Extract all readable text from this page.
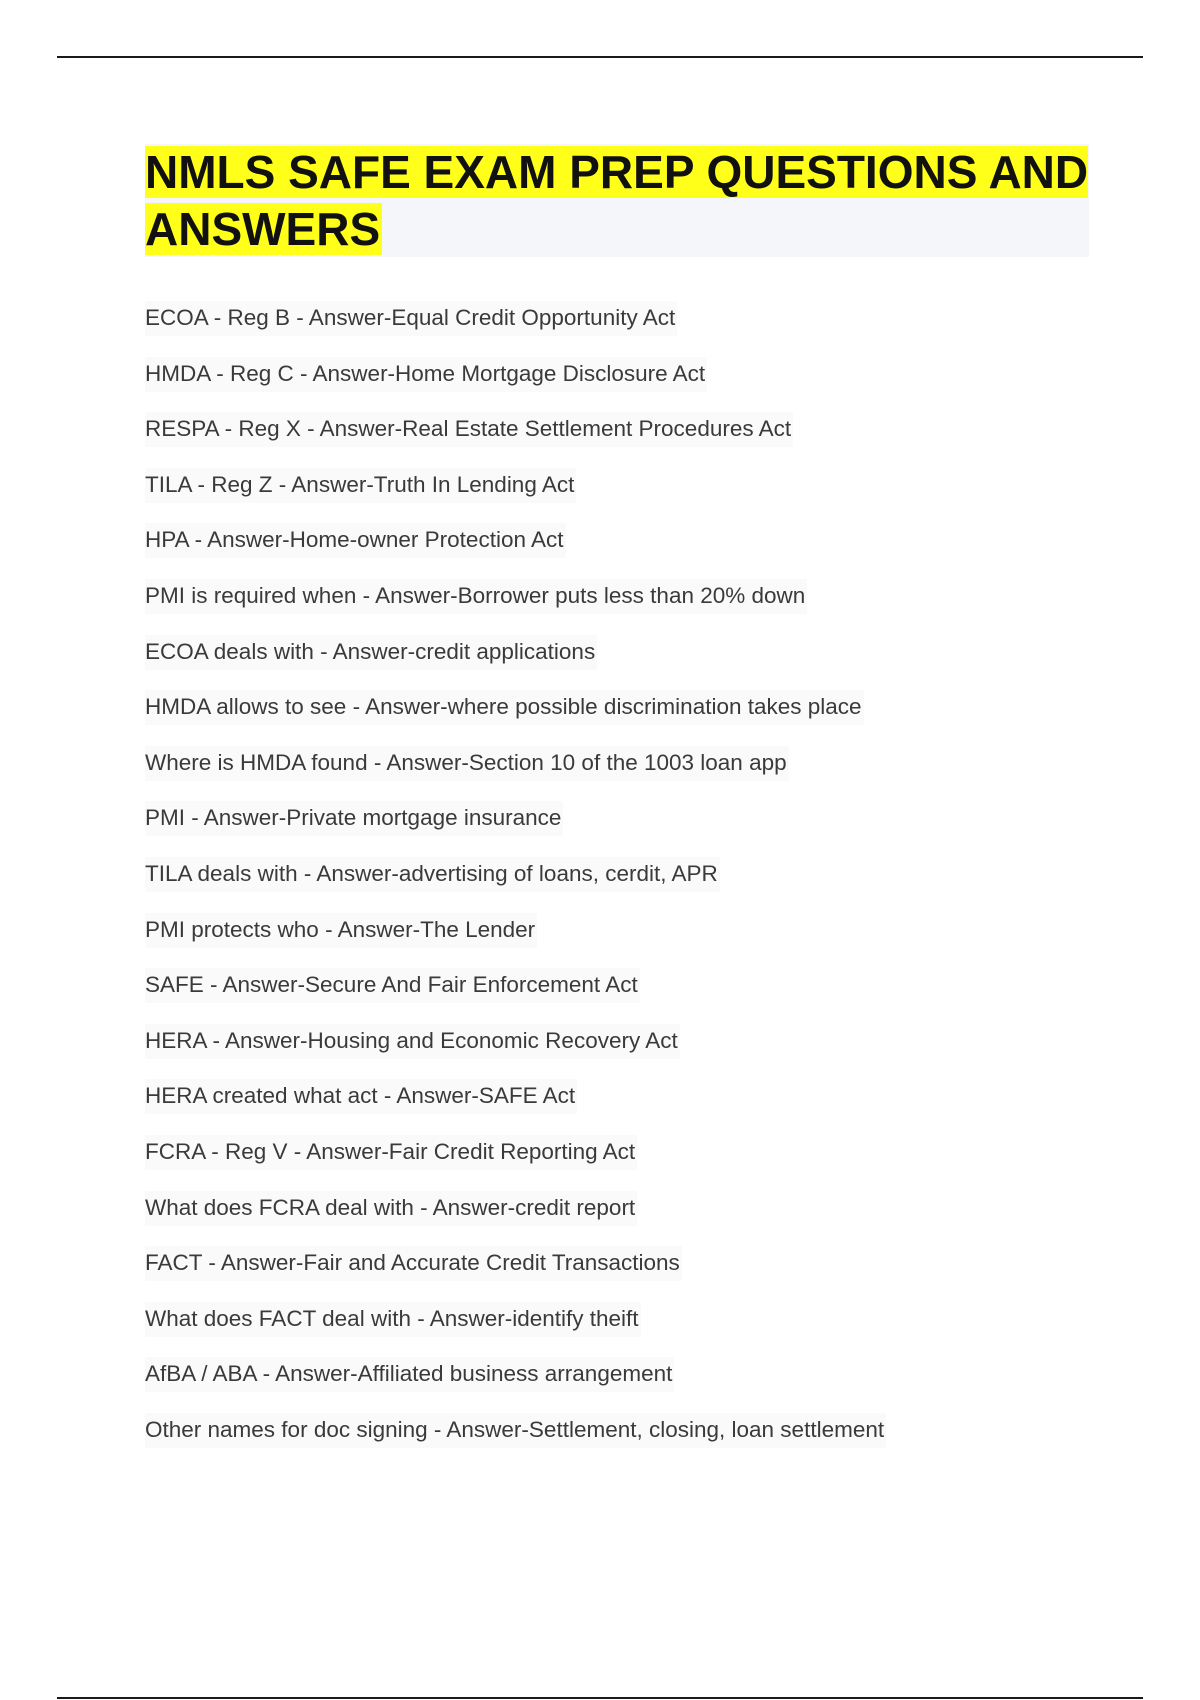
NMLS SAFE EXAM PREP QUESTIONS AND ANSWERS
ECOA - Reg B - Answer-Equal Credit Opportunity Act
HMDA - Reg C - Answer-Home Mortgage Disclosure Act
RESPA - Reg X - Answer-Real Estate Settlement Procedures Act
TILA - Reg Z - Answer-Truth In Lending Act
HPA - Answer-Home-owner Protection Act
PMI is required when - Answer-Borrower puts less than 20% down
ECOA deals with - Answer-credit applications
HMDA allows to see - Answer-where possible discrimination takes place
Where is HMDA found - Answer-Section 10 of the 1003 loan app
PMI - Answer-Private mortgage insurance
TILA deals with - Answer-advertising of loans, cerdit, APR
PMI protects who - Answer-The Lender
SAFE - Answer-Secure And Fair Enforcement Act
HERA - Answer-Housing and Economic Recovery Act
HERA created what act - Answer-SAFE Act
FCRA - Reg V - Answer-Fair Credit Reporting Act
What does FCRA deal with - Answer-credit report
FACT - Answer-Fair and Accurate Credit Transactions
What does FACT deal with - Answer-identify theift
AfBA / ABA - Answer-Affiliated business arrangement
Other names for doc signing - Answer-Settlement, closing, loan settlement
